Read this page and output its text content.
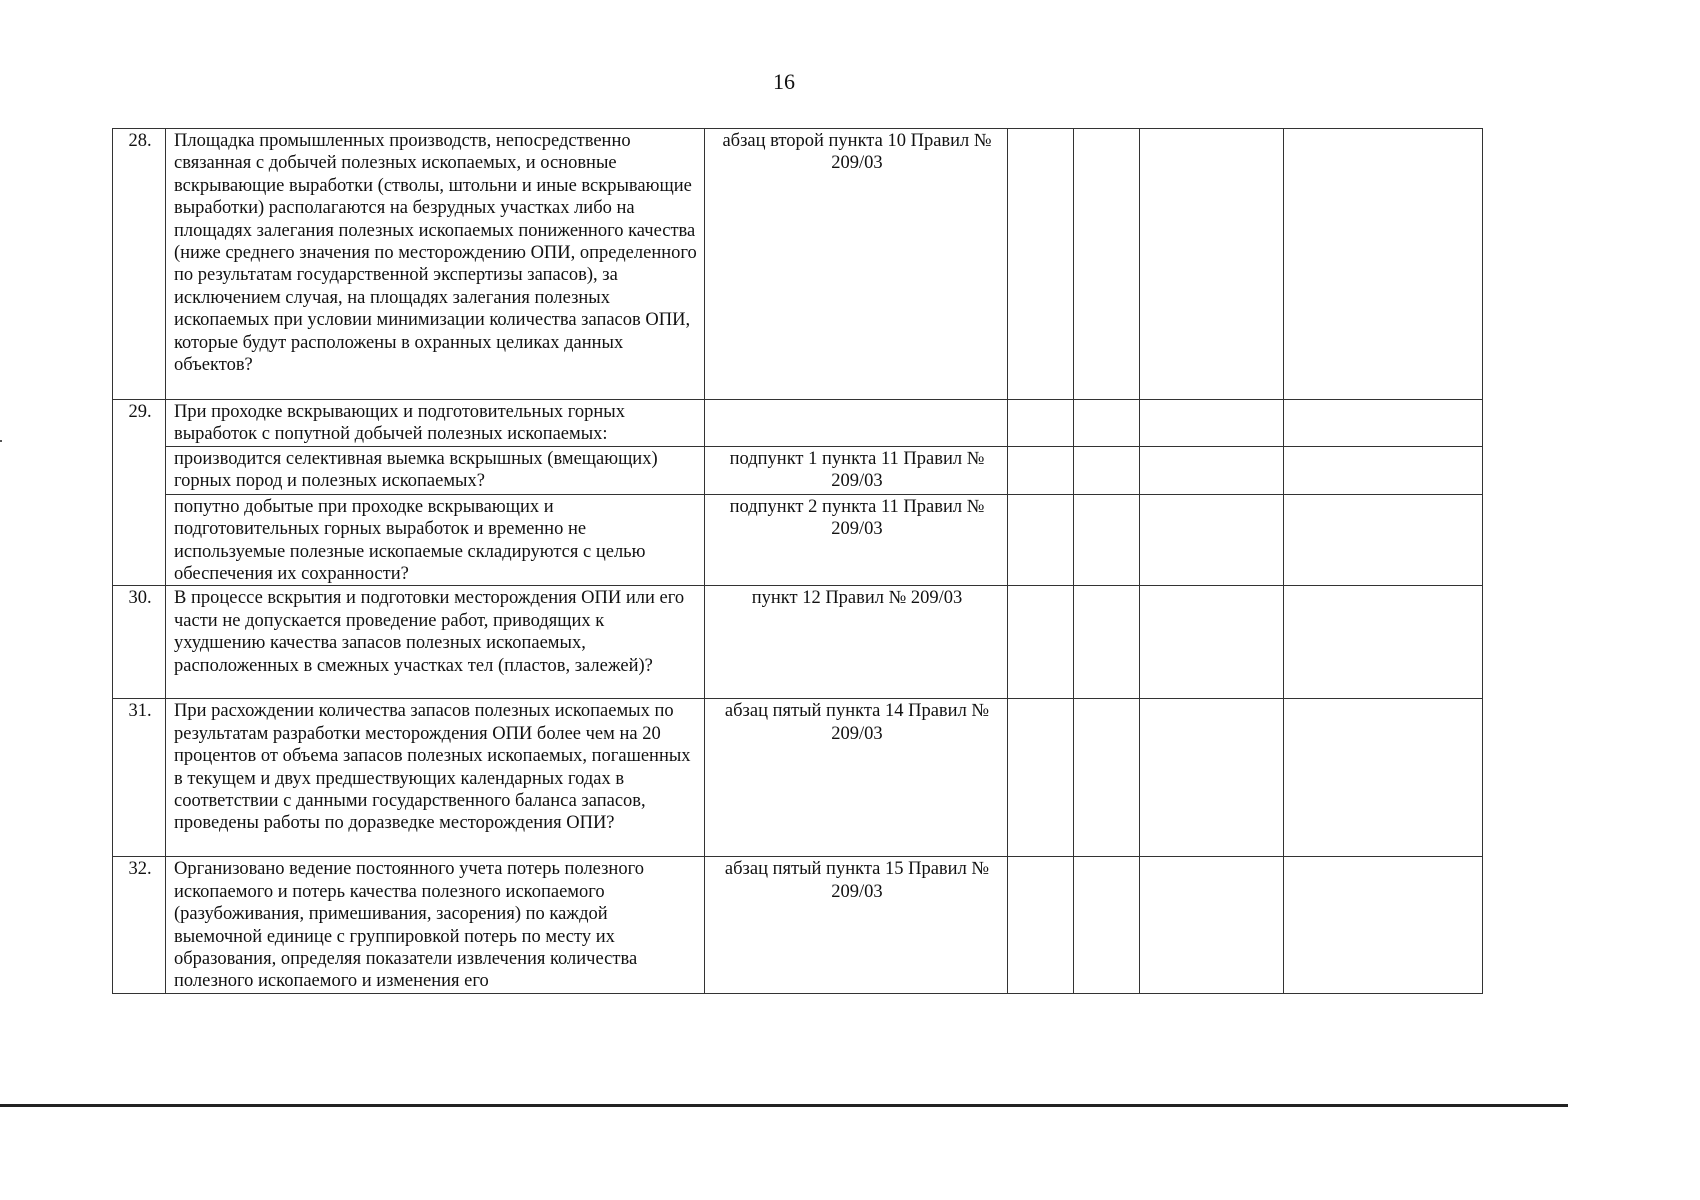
16
28.	Площадка промышленных производств, непосредственно связанная с добычей полезных ископаемых, и основные вскрывающие выработки (стволы, штольни и иные вскрывающие выработки) располагаются на безрудных участках либо на площадях залегания полезных ископаемых пониженного качества (ниже среднего значения по месторождению ОПИ, определенного по результатам государственной экспертизы запасов), за исключением случая, на площадях залегания полезных ископаемых при условии минимизации количества запасов ОПИ, которые будут расположены в охранных целиках данных объектов?	абзац второй пункта 10 Правил № 209/03				
29.	При проходке вскрывающих и подготовительных горных выработок с попутной добычей полезных ископаемых:					
	производится селективная выемка вскрышных (вмещающих) горных пород и полезных ископаемых?	подпункт 1 пункта 11 Правил № 209/03				
	попутно добытые при проходке вскрывающих и подготовительных горных выработок и временно не используемые полезные ископаемые складируются с целью обеспечения их сохранности?	подпункт 2 пункта 11 Правил № 209/03				
30.	В процессе вскрытия и подготовки месторождения ОПИ или его части не допускается проведение работ, приводящих к ухудшению качества запасов полезных ископаемых, расположенных в смежных участках тел (пластов, залежей)?	пункт 12 Правил № 209/03				
31.	При расхождении количества запасов полезных ископаемых по результатам разработки месторождения ОПИ более чем на 20 процентов от объема запасов полезных ископаемых, погашенных в текущем и двух предшествующих календарных годах в соответствии с данными государственного баланса запасов, проведены работы по доразведке месторождения ОПИ?	абзац пятый пункта 14 Правил № 209/03				
32.	Организовано ведение постоянного учета потерь полезного ископаемого и потерь качества полезного ископаемого (разубоживания, примешивания, засорения) по каждой выемочной единице с группировкой потерь по месту их образования, определяя показатели извлечения количества полезного ископаемого и изменения его	абзац пятый пункта 15 Правил № 209/03				
